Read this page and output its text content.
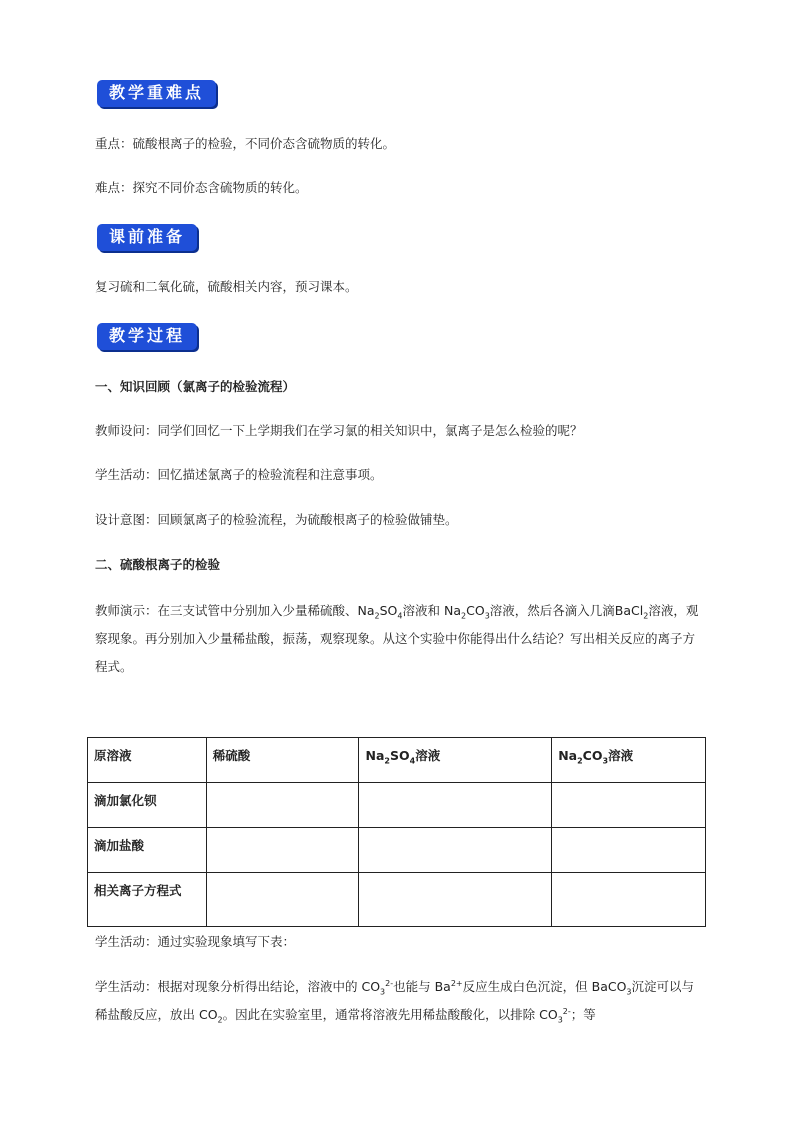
教学重难点
重点：硫酸根离子的检验，不同价态含硫物质的转化。
难点：探究不同价态含硫物质的转化。
课前准备
复习硫和二氧化硫，硫酸相关内容，预习课本。
教学过程
一、知识回顾（氯离子的检验流程）
教师设问：同学们回忆一下上学期我们在学习氯的相关知识中，氯离子是怎么检验的呢？
学生活动：回忆描述氯离子的检验流程和注意事项。
设计意图：回顾氯离子的检验流程，为硫酸根离子的检验做铺垫。
二、硫酸根离子的检验
教师演示：在三支试管中分别加入少量稀硫酸、$Na_2SO_4$溶液和 $Na_2CO_3$溶液，然后各滴入几滴BaCl$_2$溶液，观察现象。再分别加入少量稀盐酸，振荡，观察现象。从这个实验中你能得出什么结论？写出相关反应的离子方程式。
原溶液	稀硫酸	$Na_2SO_4$溶液	$Na_2CO_3$溶液
滴加氯化钡			
滴加盐酸			
相关离子方程式			
学生活动：通过实验现象填写下表：
学生活动：根据对现象分析得出结论，溶液中的 $CO_3^{2-}$也能与 $Ba^{2+}$反应生成白色沉淀，但 BaCO$_3$沉淀可以与稀盐酸反应，放出 $CO_2$。因此在实验室里，通常将溶液先用稀盐酸酸化，以排除 $CO_3^{2-}$；等
